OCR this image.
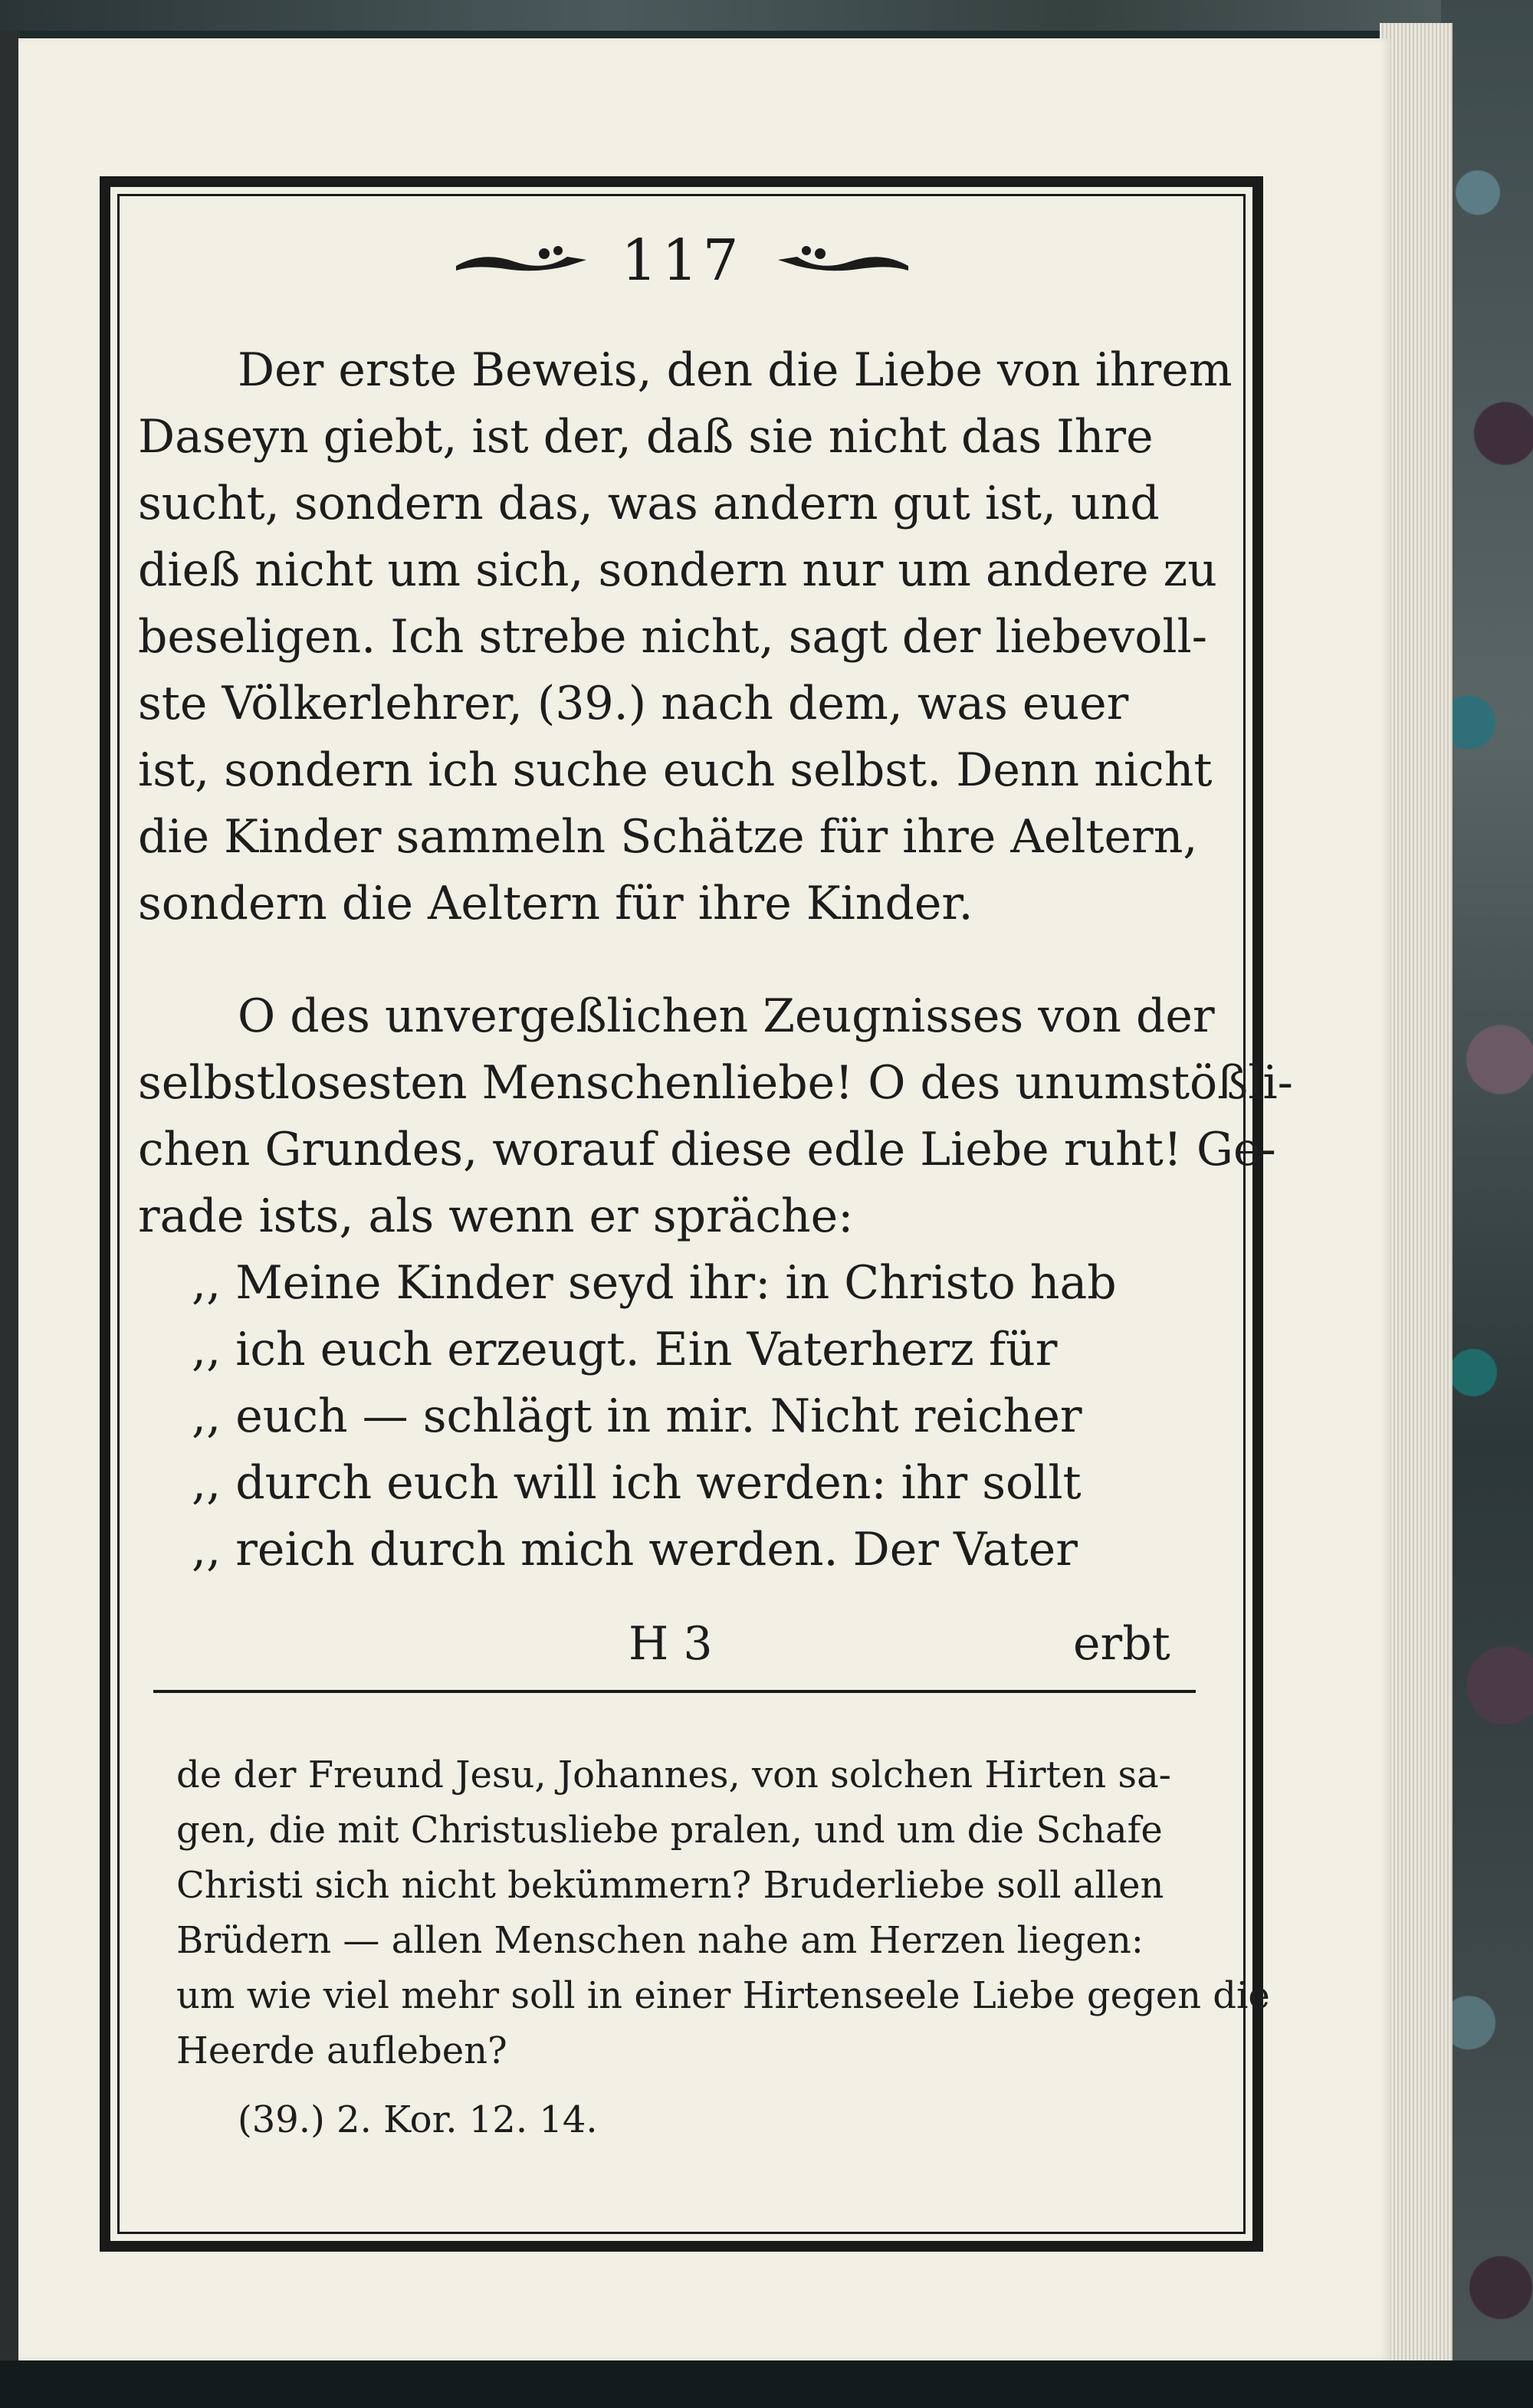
117
Der erste Beweis, den die Liebe von ihrem
Daseyn giebt, ist der, daß sie nicht das Ihre
sucht, sondern das, was andern gut ist, und
dieß nicht um sich, sondern nur um andere zu
beseligen. Ich strebe nicht, sagt der liebevoll-
ste Völkerlehrer, (39.) nach dem, was euer
ist, sondern ich suche euch selbst. Denn nicht
die Kinder sammeln Schätze für ihre Aeltern,
sondern die Aeltern für ihre Kinder.
O des unvergeßlichen Zeugnisses von der
selbstlosesten Menschenliebe! O des unumstößli-
chen Grundes, worauf diese edle Liebe ruht! Ge-
rade ists, als wenn er spräche:
,, Meine Kinder seyd ihr: in Christo hab
,, ich euch erzeugt. Ein Vaterherz für
,, euch — schlägt in mir. Nicht reicher
,, durch euch will ich werden: ihr sollt
,, reich durch mich werden. Der Vater
H 3	erbt
de der Freund Jesu, Johannes, von solchen Hirten sa-
gen, die mit Christusliebe pralen, und um die Schafe
Christi sich nicht bekümmern? Bruderliebe soll allen
Brüdern — allen Menschen nahe am Herzen liegen:
um wie viel mehr soll in einer Hirtenseele Liebe gegen die
Heerde aufleben?
(39.) 2. Kor. 12. 14.
